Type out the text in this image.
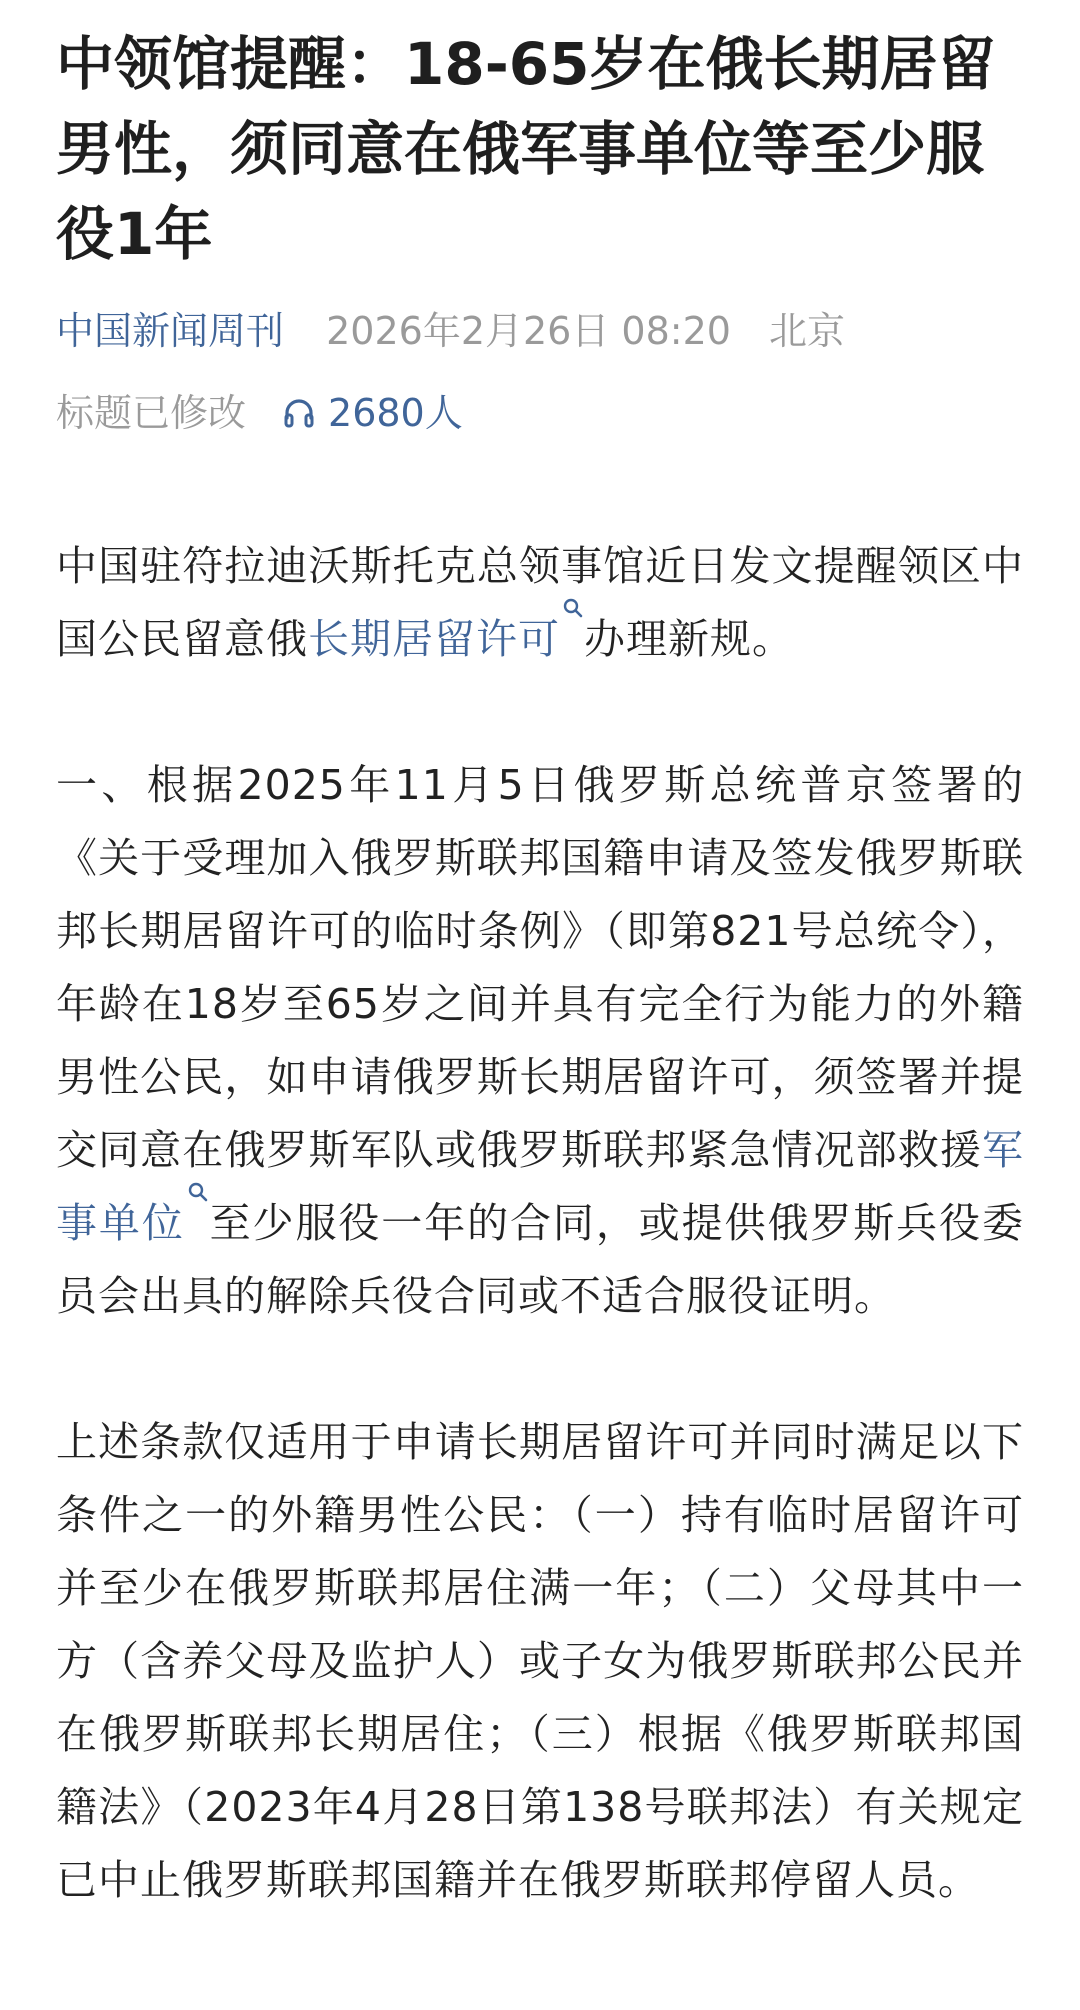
中领馆提醒：18-65岁在俄长期居留男性，须同意在俄军事单位等至少服役1年
中国新闻周刊 2026年2月26日 08:20 北京
标题已修改 2680人

中国驻符拉迪沃斯托克总领事馆近日发文提醒领区中国公民留意俄长期居留许可 办理新规。

一、根据2025年11月5日俄罗斯总统普京签署的《关于受理加入俄罗斯联邦国籍申请及签发俄罗斯联邦长期居留许可的临时条例》（即第821号总统令），年龄在18岁至65岁之间并具有完全行为能力的外籍男性公民，如申请俄罗斯长期居留许可，须签署并提交同意在俄罗斯军队或俄罗斯联邦紧急情况部救援军事单位 至少服役一年的合同，或提供俄罗斯兵役委员会出具的解除兵役合同或不适合服役证明。

上述条款仅适用于申请长期居留许可并同时满足以下条件之一的外籍男性公民：（一）持有临时居留许可并至少在俄罗斯联邦居住满一年；（二）父母其中一方（含养父母及监护人）或子女为俄罗斯联邦公民并在俄罗斯联邦长期居住；（三）根据《俄罗斯联邦国籍法》（2023年4月28日第138号联邦法）有关规定已中止俄罗斯联邦国籍并在俄罗斯联邦停留人员。
